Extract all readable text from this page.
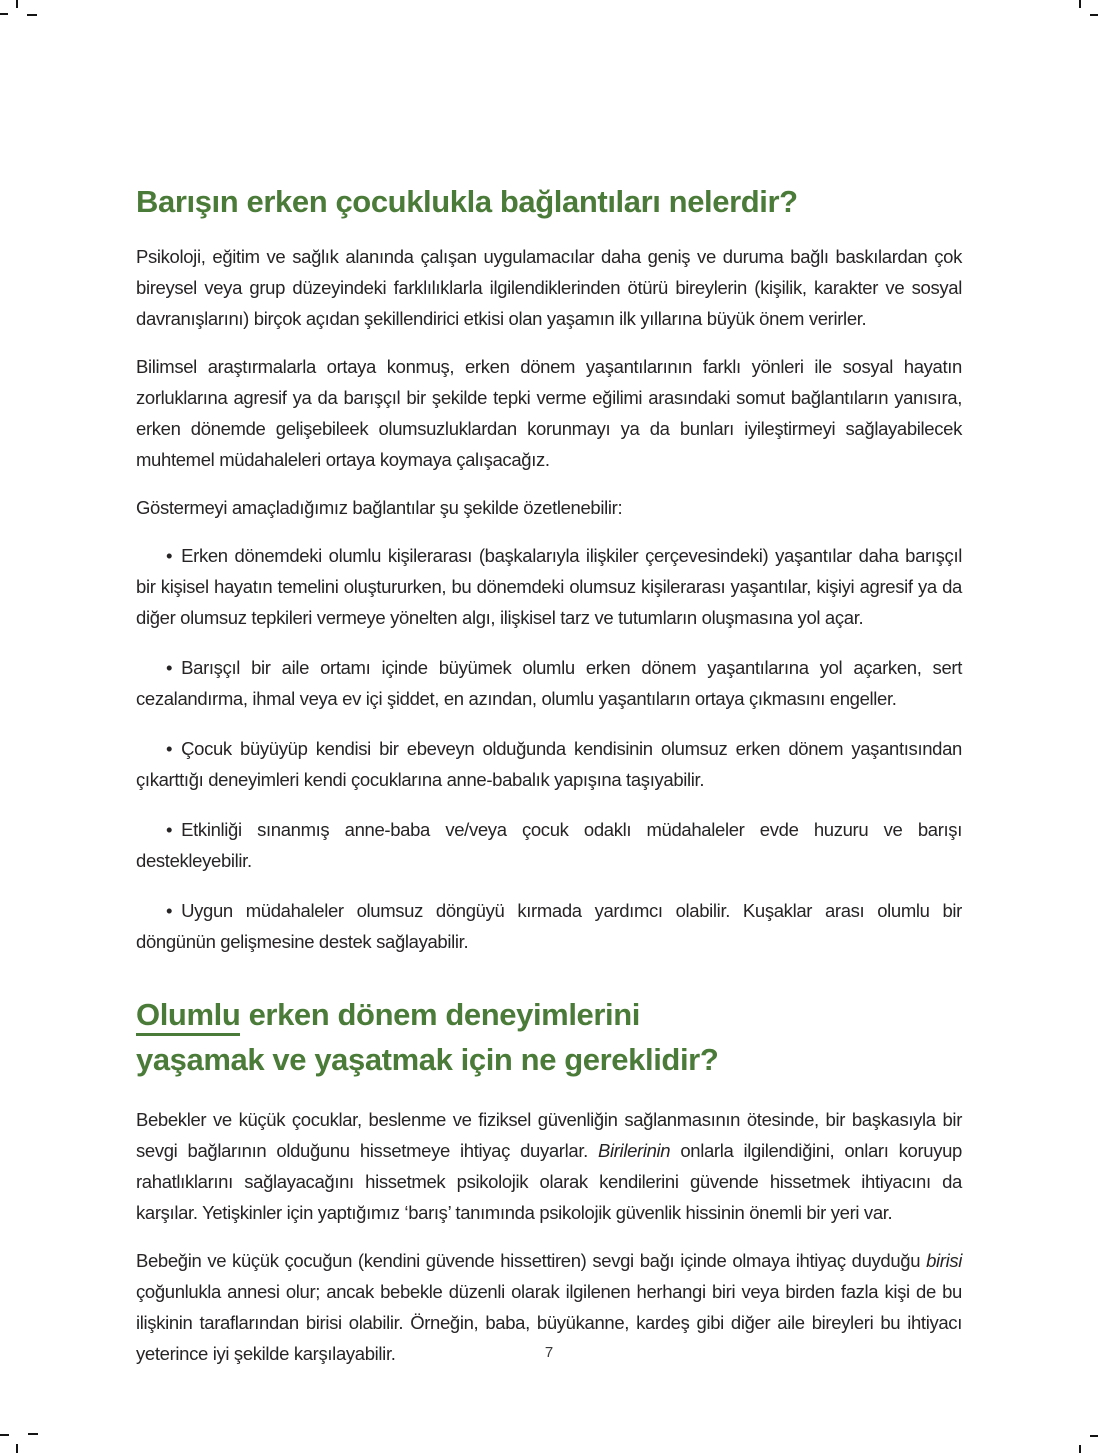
Barışın erken çocuklukla bağlantıları nelerdir?

Psikoloji, eğitim ve sağlık alanında çalışan uygulamacılar daha geniş ve duruma bağlı baskılardan çok bireysel veya grup düzeyindeki farklılıklarla ilgilendiklerinden ötürü bireylerin (kişilik, karakter ve sosyal davranışlarını) birçok açıdan şekillendirici etkisi olan yaşamın ilk yıllarına büyük önem verirler.

Bilimsel araştırmalarla ortaya konmuş, erken dönem yaşantılarının farklı yönleri ile sosyal hayatın zorluklarına agresif ya da barışçıl bir şekilde tepki verme eğilimi arasındaki somut bağlantıların yanısıra, erken dönemde gelişebileek olumsuzluklardan korunmayı ya da bunları iyileştirmeyi sağlayabilecek muhtemel müdahaleleri ortaya koymaya çalışacağız.

Göstermeyi amaçladığımız bağlantılar şu şekilde özetlenebilir:

• Erken dönemdeki olumlu kişilerarası (başkalarıyla ilişkiler çerçevesindeki) yaşantılar daha barışçıl bir kişisel hayatın temelini oluştururken, bu dönemdeki olumsuz kişilerarası yaşantılar, kişiyi agresif ya da diğer olumsuz tepkileri vermeye yönelten algı, ilişkisel tarz ve tutumların oluşmasına yol açar.

• Barışçıl bir aile ortamı içinde büyümek olumlu erken dönem yaşantılarına yol açarken, sert cezalandırma, ihmal veya ev içi şiddet, en azından, olumlu yaşantıların ortaya çıkmasını engeller.

• Çocuk büyüyüp kendisi bir ebeveyn olduğunda kendisinin olumsuz erken dönem yaşantısından çıkarttığı deneyimleri kendi çocuklarına anne-babalık yapışına taşıyabilir.

• Etkinliği sınanmış anne-baba ve/veya çocuk odaklı müdahaleler evde huzuru ve barışı destekleyebilir.

• Uygun müdahaleler olumsuz döngüyü kırmada yardımcı olabilir. Kuşaklar arası olumlu bir döngünün gelişmesine destek sağlayabilir.

Olumlu erken dönem deneyimlerini
yaşamak ve yaşatmak için ne gereklidir?

Bebekler ve küçük çocuklar, beslenme ve fiziksel güvenliğin sağlanmasının ötesinde, bir başkasıyla bir sevgi bağlarının olduğunu hissetmeye ihtiyaç duyarlar. Birilerinin onlarla ilgilendiğini, onları koruyup rahatlıklarını sağlayacağını hissetmek psikolojik olarak kendilerini güvende hissetmek ihtiyacını da karşılar. Yetişkinler için yaptığımız ‘barış’ tanımında psikolojik güvenlik hissinin önemli bir yeri var.

Bebeğin ve küçük çocuğun (kendini güvende hissettiren) sevgi bağı içinde olmaya ihtiyaç duyduğu birisi çoğunlukla annesi olur; ancak bebekle düzenli olarak ilgilenen herhangi biri veya birden fazla kişi de bu ilişkinin taraflarından birisi olabilir. Örneğin, baba, büyükanne, kardeş gibi diğer aile bireyleri bu ihtiyacı yeterince iyi şekilde karşılayabilir.	7
